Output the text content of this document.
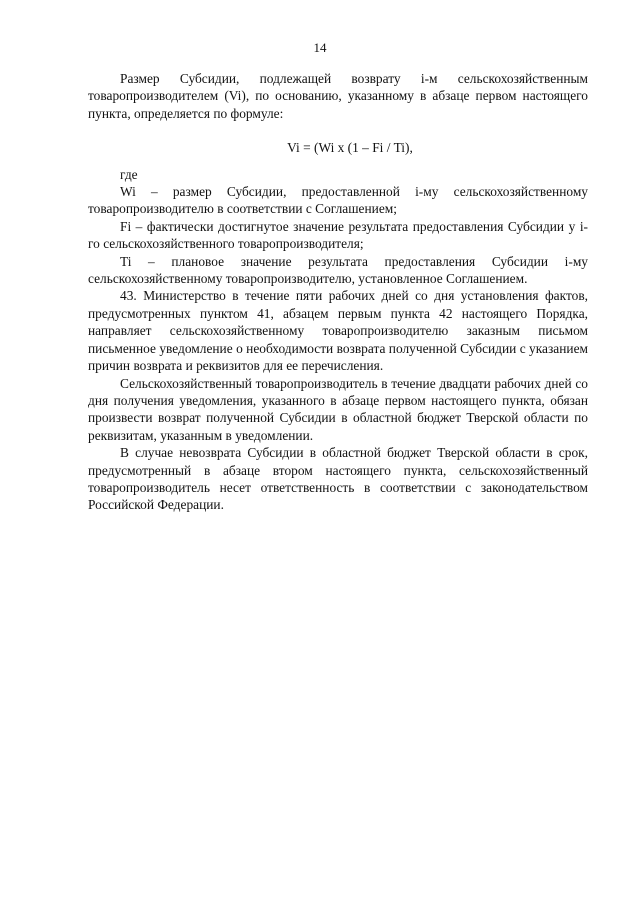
14

Размер Субсидии, подлежащей возврату i-м сельскохозяйственным товаропроизводителем (Vi), по основанию, указанному в абзаце первом настоящего пункта, определяется по формуле:

Vi = (Wi x (1 – Fi / Ti),

где

Wi – размер Субсидии, предоставленной i-му сельскохозяйственному товаропроизводителю в соответствии с Соглашением;

Fi – фактически достигнутое значение результата предоставления Субсидии у i-го сельскохозяйственного товаропроизводителя;

Ti – плановое значение результата предоставления Субсидии i-му сельскохозяйственному товаропроизводителю, установленное Соглашением.

43. Министерство в течение пяти рабочих дней со дня установления фактов, предусмотренных пунктом 41, абзацем первым пункта 42 настоящего Порядка, направляет сельскохозяйственному товаропроизводителю заказным письмом письменное уведомление о необходимости возврата полученной Субсидии с указанием причин возврата и реквизитов для ее перечисления.

Сельскохозяйственный товаропроизводитель в течение двадцати рабочих дней со дня получения уведомления, указанного в абзаце первом настоящего пункта, обязан произвести возврат полученной Субсидии в областной бюджет Тверской области по реквизитам, указанным в уведомлении.

В случае невозврата Субсидии в областной бюджет Тверской области в срок, предусмотренный в абзаце втором настоящего пункта, сельскохозяйственный товаропроизводитель несет ответственность в соответствии с законодательством Российской Федерации.
